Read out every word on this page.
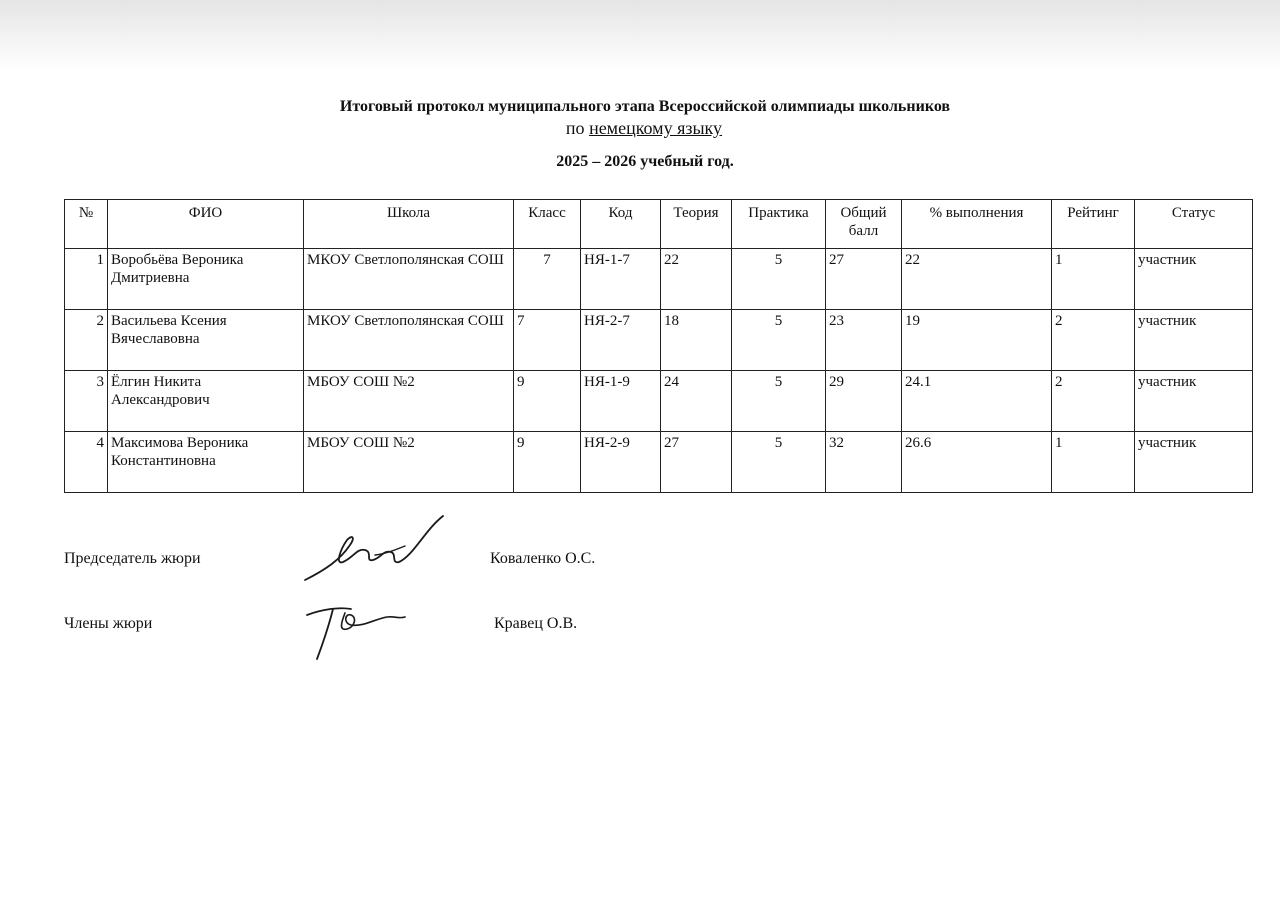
Итоговый протокол муниципального этапа Всероссийской олимпиады школьников
по немецкому языку
2025 – 2026 учебный год.
№	ФИО	Школа	Класс	Код	Теория	Практика	Общий балл	% выполнения	Рейтинг	Статус
1	Воробьёва Вероника Дмитриевна	МКОУ Светлополянская СОШ	7	НЯ-1-7	22	5	27	22	1	участник
2	Васильева Ксения Вячеславовна	МКОУ Светлополянская СОШ	7	НЯ-2-7	18	5	23	19	2	участник
3	Ёлгин Никита Александрович	МБОУ СОШ №2	9	НЯ-1-9	24	5	29	24.1	2	участник
4	Максимова Вероника Константиновна	МБОУ СОШ №2	9	НЯ-2-9	27	5	32	26.6	1	участник
Председатель жюри	Коваленко О.С.
Члены жюри	Кравец О.В.
